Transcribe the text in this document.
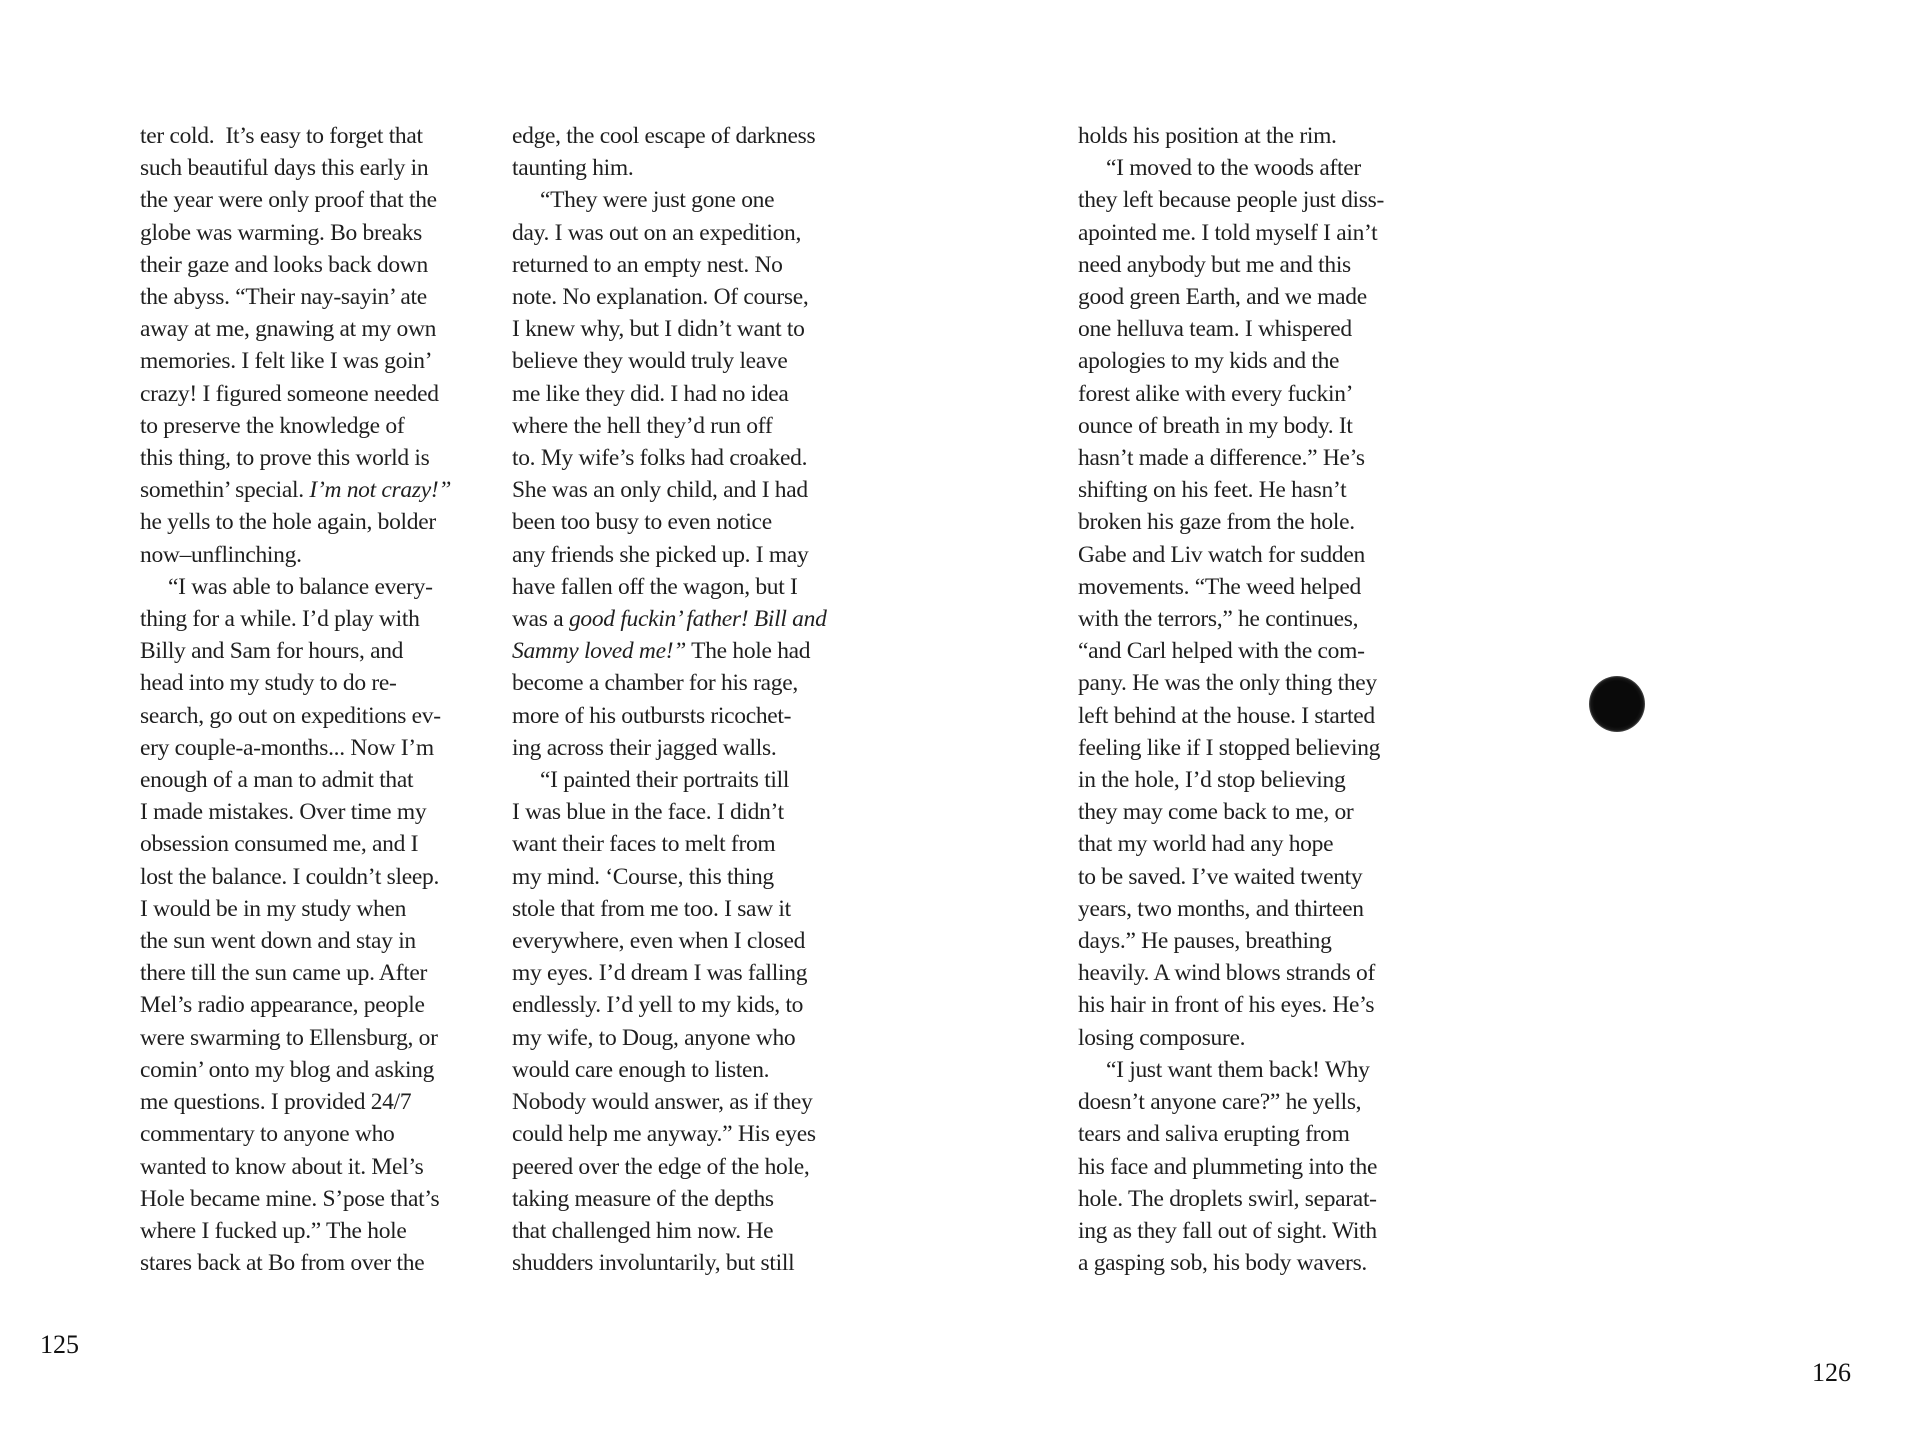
ter cold.  It’s easy to forget that
such beautiful days this early in
the year were only proof that the
globe was warming. Bo breaks
their gaze and looks back down
the abyss. “Their nay-sayin’ ate
away at me, gnawing at my own
memories. I felt like I was goin’
crazy! I figured someone needed
to preserve the knowledge of
this thing, to prove this world is
somethin’ special. I’m not crazy!”
he yells to the hole again, bolder
now–unflinching.
“I was able to balance every-
thing for a while. I’d play with
Billy and Sam for hours, and
head into my study to do re-
search, go out on expeditions ev-
ery couple-a-months... Now I’m
enough of a man to admit that
I made mistakes. Over time my
obsession consumed me, and I
lost the balance. I couldn’t sleep.
I would be in my study when
the sun went down and stay in
there till the sun came up. After
Mel’s radio appearance, people
were swarming to Ellensburg, or
comin’ onto my blog and asking
me questions. I provided 24/7
commentary to anyone who
wanted to know about it. Mel’s
Hole became mine. S’pose that’s
where I fucked up.” The hole
stares back at Bo from over the
edge, the cool escape of darkness
taunting him.
“They were just gone one
day. I was out on an expedition,
returned to an empty nest. No
note. No explanation. Of course,
I knew why, but I didn’t want to
believe they would truly leave
me like they did. I had no idea
where the hell they’d run off
to. My wife’s folks had croaked.
She was an only child, and I had
been too busy to even notice
any friends she picked up. I may
have fallen off the wagon, but I
was a good fuckin’ father! Bill and
Sammy loved me!” The hole had
become a chamber for his rage,
more of his outbursts ricochet-
ing across their jagged walls.
“I painted their portraits till
I was blue in the face. I didn’t
want their faces to melt from
my mind. ‘Course, this thing
stole that from me too. I saw it
everywhere, even when I closed
my eyes. I’d dream I was falling
endlessly. I’d yell to my kids, to
my wife, to Doug, anyone who
would care enough to listen.
Nobody would answer, as if they
could help me anyway.” His eyes
peered over the edge of the hole,
taking measure of the depths
that challenged him now. He
shudders involuntarily, but still
125
holds his position at the rim.
“I moved to the woods after
they left because people just diss-
apointed me. I told myself I ain’t
need anybody but me and this
good green Earth, and we made
one helluva team. I whispered
apologies to my kids and the
forest alike with every fuckin’
ounce of breath in my body. It
hasn’t made a difference.” He’s
shifting on his feet. He hasn’t
broken his gaze from the hole.
Gabe and Liv watch for sudden
movements. “The weed helped
with the terrors,” he continues,
“and Carl helped with the com-
pany. He was the only thing they
left behind at the house. I started
feeling like if I stopped believing
in the hole, I’d stop believing
they may come back to me, or
that my world had any hope
to be saved. I’ve waited twenty
years, two months, and thirteen
days.” He pauses, breathing
heavily. A wind blows strands of
his hair in front of his eyes. He’s
losing composure.
“I just want them back! Why
doesn’t anyone care?” he yells,
tears and saliva erupting from
his face and plummeting into the
hole. The droplets swirl, separat-
ing as they fall out of sight. With
a gasping sob, his body wavers.
126
